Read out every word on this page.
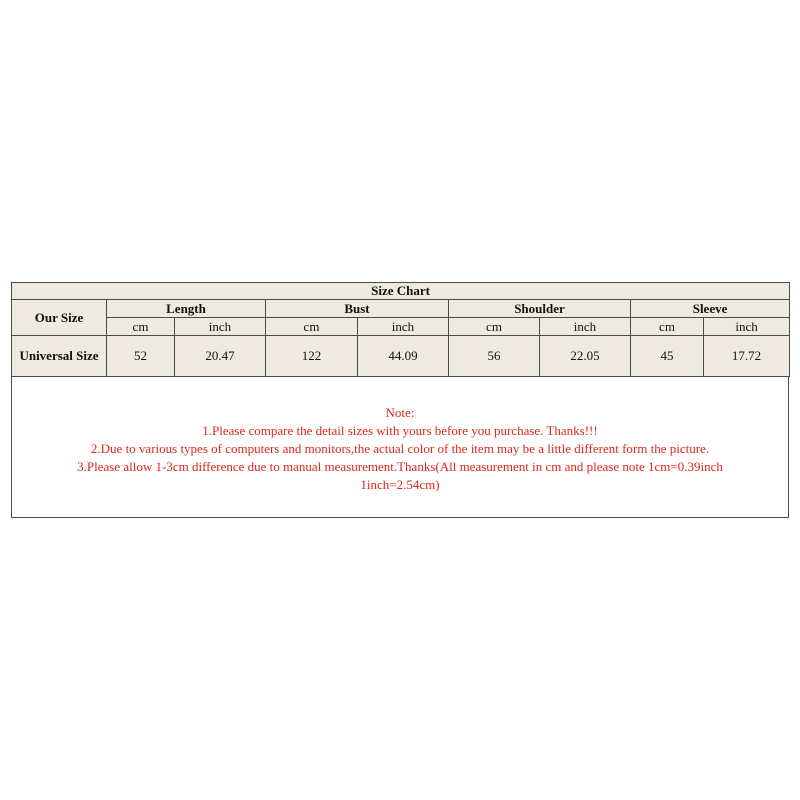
Size Chart								
Our Size	Length		Bust		Shoulder		Sleeve	
	cm	inch	cm	inch	cm	inch	cm	inch
Universal Size	52	20.47	122	44.09	56	22.05	45	17.72
Note:
1.Please compare the detail sizes with yours before you purchase. Thanks!!!
2.Due to various types of computers and monitors,the actual color of the item may be a little different form the picture.
3.Please allow 1-3cm difference due to manual measurement.Thanks(All measurement in cm and please note 1cm=0.39inch
1inch=2.54cm)
